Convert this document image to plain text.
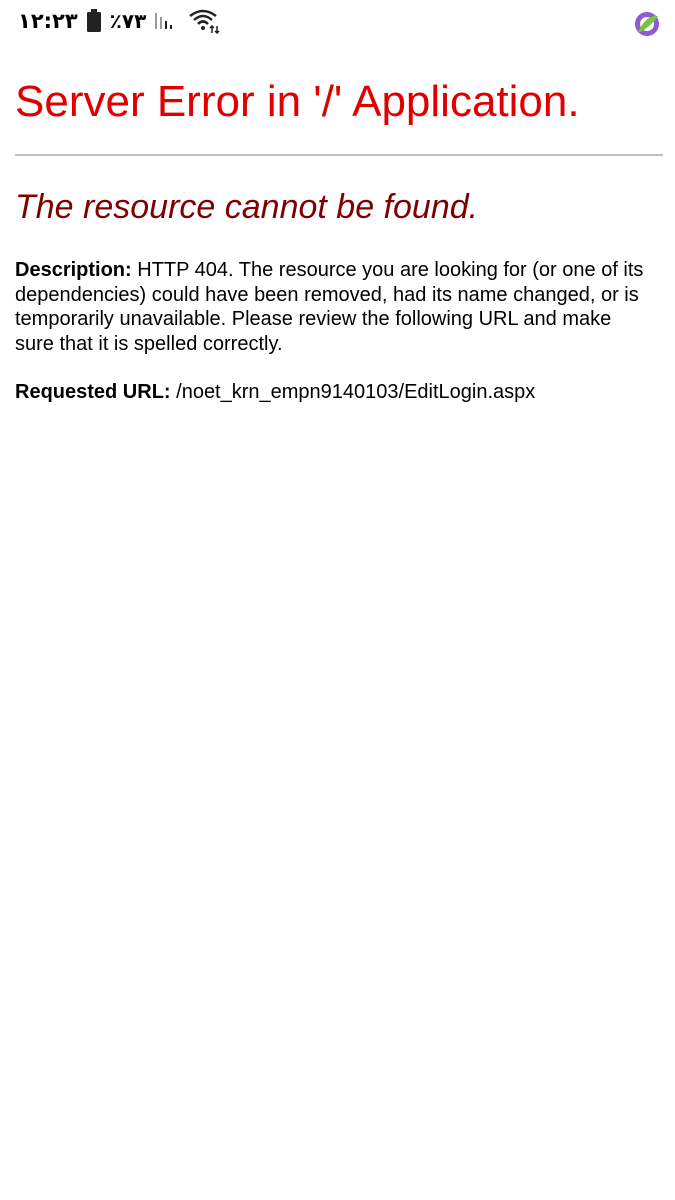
۱۲:۲۳ ٪۷۳
Server Error in '/' Application.
The resource cannot be found.

Description: HTTP 404. The resource you are looking for (or one of its dependencies) could have been removed, had its name changed, or is temporarily unavailable. Please review the following URL and make sure that it is spelled correctly.

Requested URL: /noet_krn_empn9140103/EditLogin.aspx
